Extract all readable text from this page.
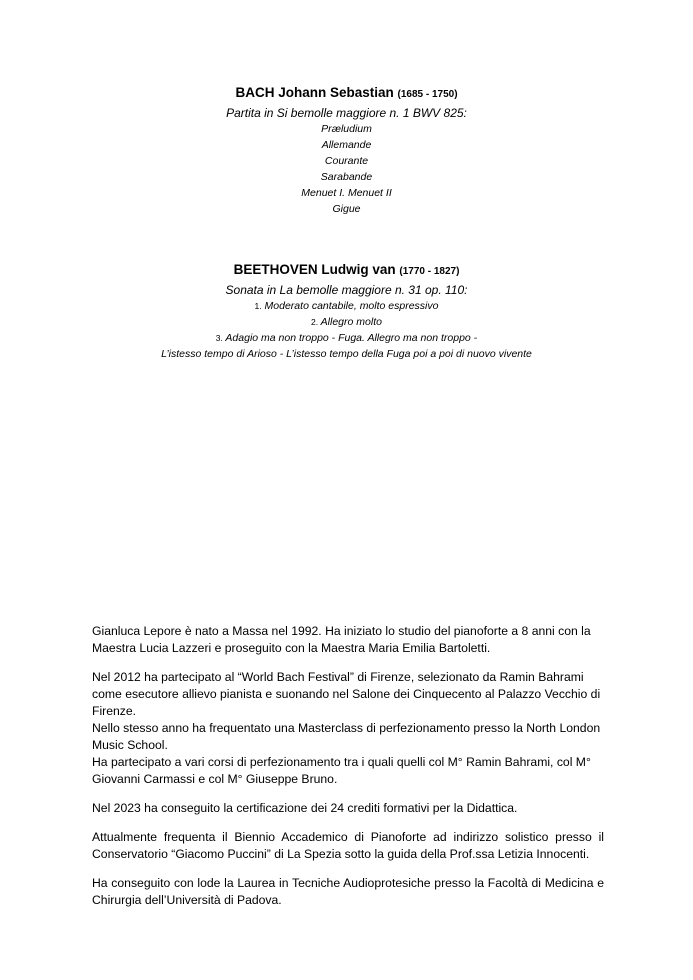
BACH Johann Sebastian (1685 - 1750)
Partita in Si bemolle maggiore n. 1 BWV 825:
Præludium
Allemande
Courante
Sarabande
Menuet I. Menuet II
Gigue
BEETHOVEN Ludwig van (1770 - 1827)
Sonata in La bemolle maggiore n. 31 op. 110:
1. Moderato cantabile, molto espressivo
2. Allegro molto
3. Adagio ma non troppo - Fuga. Allegro ma non troppo -
L’istesso tempo di Arioso - L’istesso tempo della Fuga poi a poi di nuovo vivente

Gianluca Lepore è nato a Massa nel 1992. Ha iniziato lo studio del pianoforte a 8 anni con la Maestra Lucia Lazzeri e proseguito con la Maestra Maria Emilia Bartoletti.

Nel 2012 ha partecipato al “World Bach Festival” di Firenze, selezionato da Ramin Bahrami come esecutore allievo pianista e suonando nel Salone dei Cinquecento al Palazzo Vecchio di Firenze.
Nello stesso anno ha frequentato una Masterclass di perfezionamento presso la North London Music School.
Ha partecipato a vari corsi di perfezionamento tra i quali quelli col M° Ramin Bahrami, col M° Giovanni Carmassi e col M° Giuseppe Bruno.

Nel 2023 ha conseguito la certificazione dei 24 crediti formativi per la Didattica.

Attualmente frequenta il Biennio Accademico di Pianoforte ad indirizzo solistico presso il Conservatorio “Giacomo Puccini” di La Spezia sotto la guida della Prof.ssa Letizia Innocenti.

Ha conseguito con lode la Laurea in Tecniche Audioprotesiche presso la Facoltà di Medicina e Chirurgia dell’Università di Padova.
